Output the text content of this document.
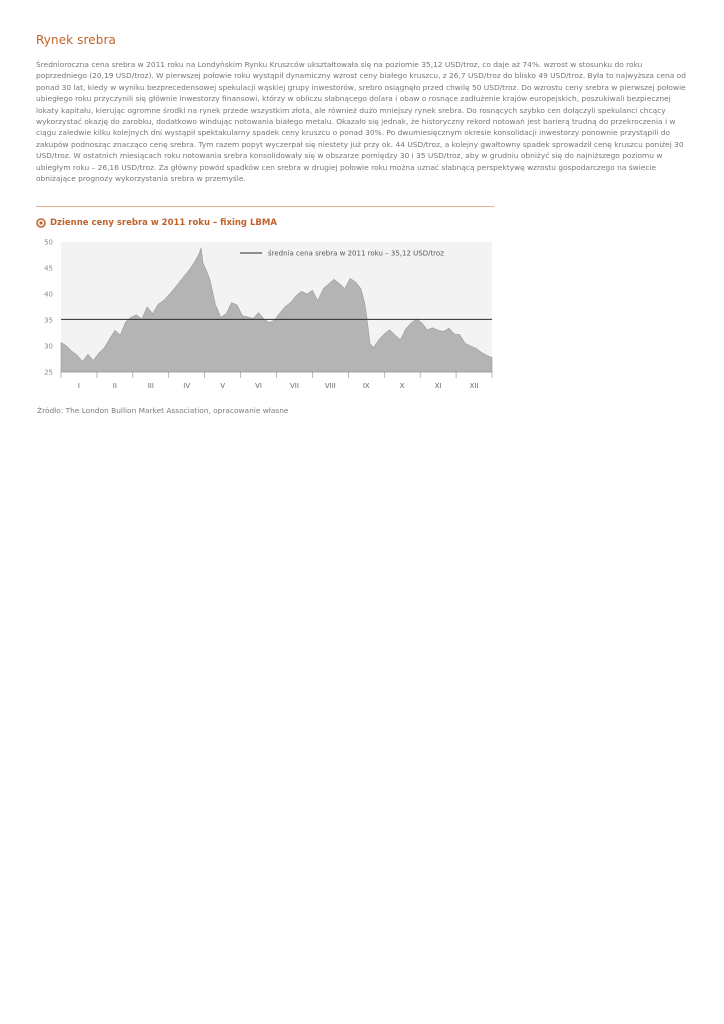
Rynek srebra

Średnioroczna cena srebra w 2011 roku na Londyńskim Rynku Kruszców ukształtowała się na poziomie 35,12 USD/troz, co daje aż 74%. wzrost w stosunku do roku poprzedniego (20,19 USD/troz). W pierwszej połowie roku wystąpił dynamiczny wzrost ceny białego kruszcu, z 26,7 USD/troz do blisko 49 USD/troz. Była to najwyższa cena od ponad 30 lat, kiedy w wyniku bezprecedensowej spekulacji wąskiej grupy inwestorów, srebro osiągnęło przed chwilę 50 USD/troz. Do wzrostu ceny srebra w pierwszej połowie ubiegłego roku przyczynili się głównie inwestorzy finansowi, którzy w obliczu słabnącego dolara i obaw o rosnące zadłużenie krajów europejskich, poszukiwali bezpiecznej lokaty kapitału, kierując ogromne środki na rynek przede wszystkim złota, ale również dużo mniejszy rynek srebra. Do rosnących szybko cen dołączyli spekulanci chcący wykorzystać okazję do zarobku, dodatkowo windując notowania białego metalu. Okazało się jednak, że historyczny rekord notowań jest barierą trudną do przekroczenia i w ciągu zaledwie kilku kolejnych dni wystąpił spektakularny spadek ceny kruszcu o ponad 30%. Po dwumiesięcznym okresie konsolidacji inwestorzy ponownie przystąpili do zakupów podnosząc znacząco cenę srebra. Tym razem popyt wyczerpał się niestety już przy ok. 44 USD/troz, a kolejny gwałtowny spadek sprowadził cenę kruszcu poniżej 30 USD/troz. W ostatnich miesiącach roku notowania srebra konsolidowały się w obszarze pomiędzy 30 i 35 USD/troz, aby w grudniu obniżyć się do najniższego poziomu w ubiegłym roku – 26,16 USD/troz. Za główny powód spadków cen srebra w drugiej połowie roku można uznać słabnącą perspektywę wzrostu gospodarczego na świecie obniżające prognozy wykorzystania srebra w przemyśle.

Dzienne ceny srebra w 2011 roku – fixing LBMA
średnia cena srebra w 2011 roku – 35,12 USD/troz
25
30
35
40
45
50
I	II	III	IV	V	VI	VII	VIII	IX	X	XI	XII
Źródło: The London Bullion Market Association, opracowanie własne
